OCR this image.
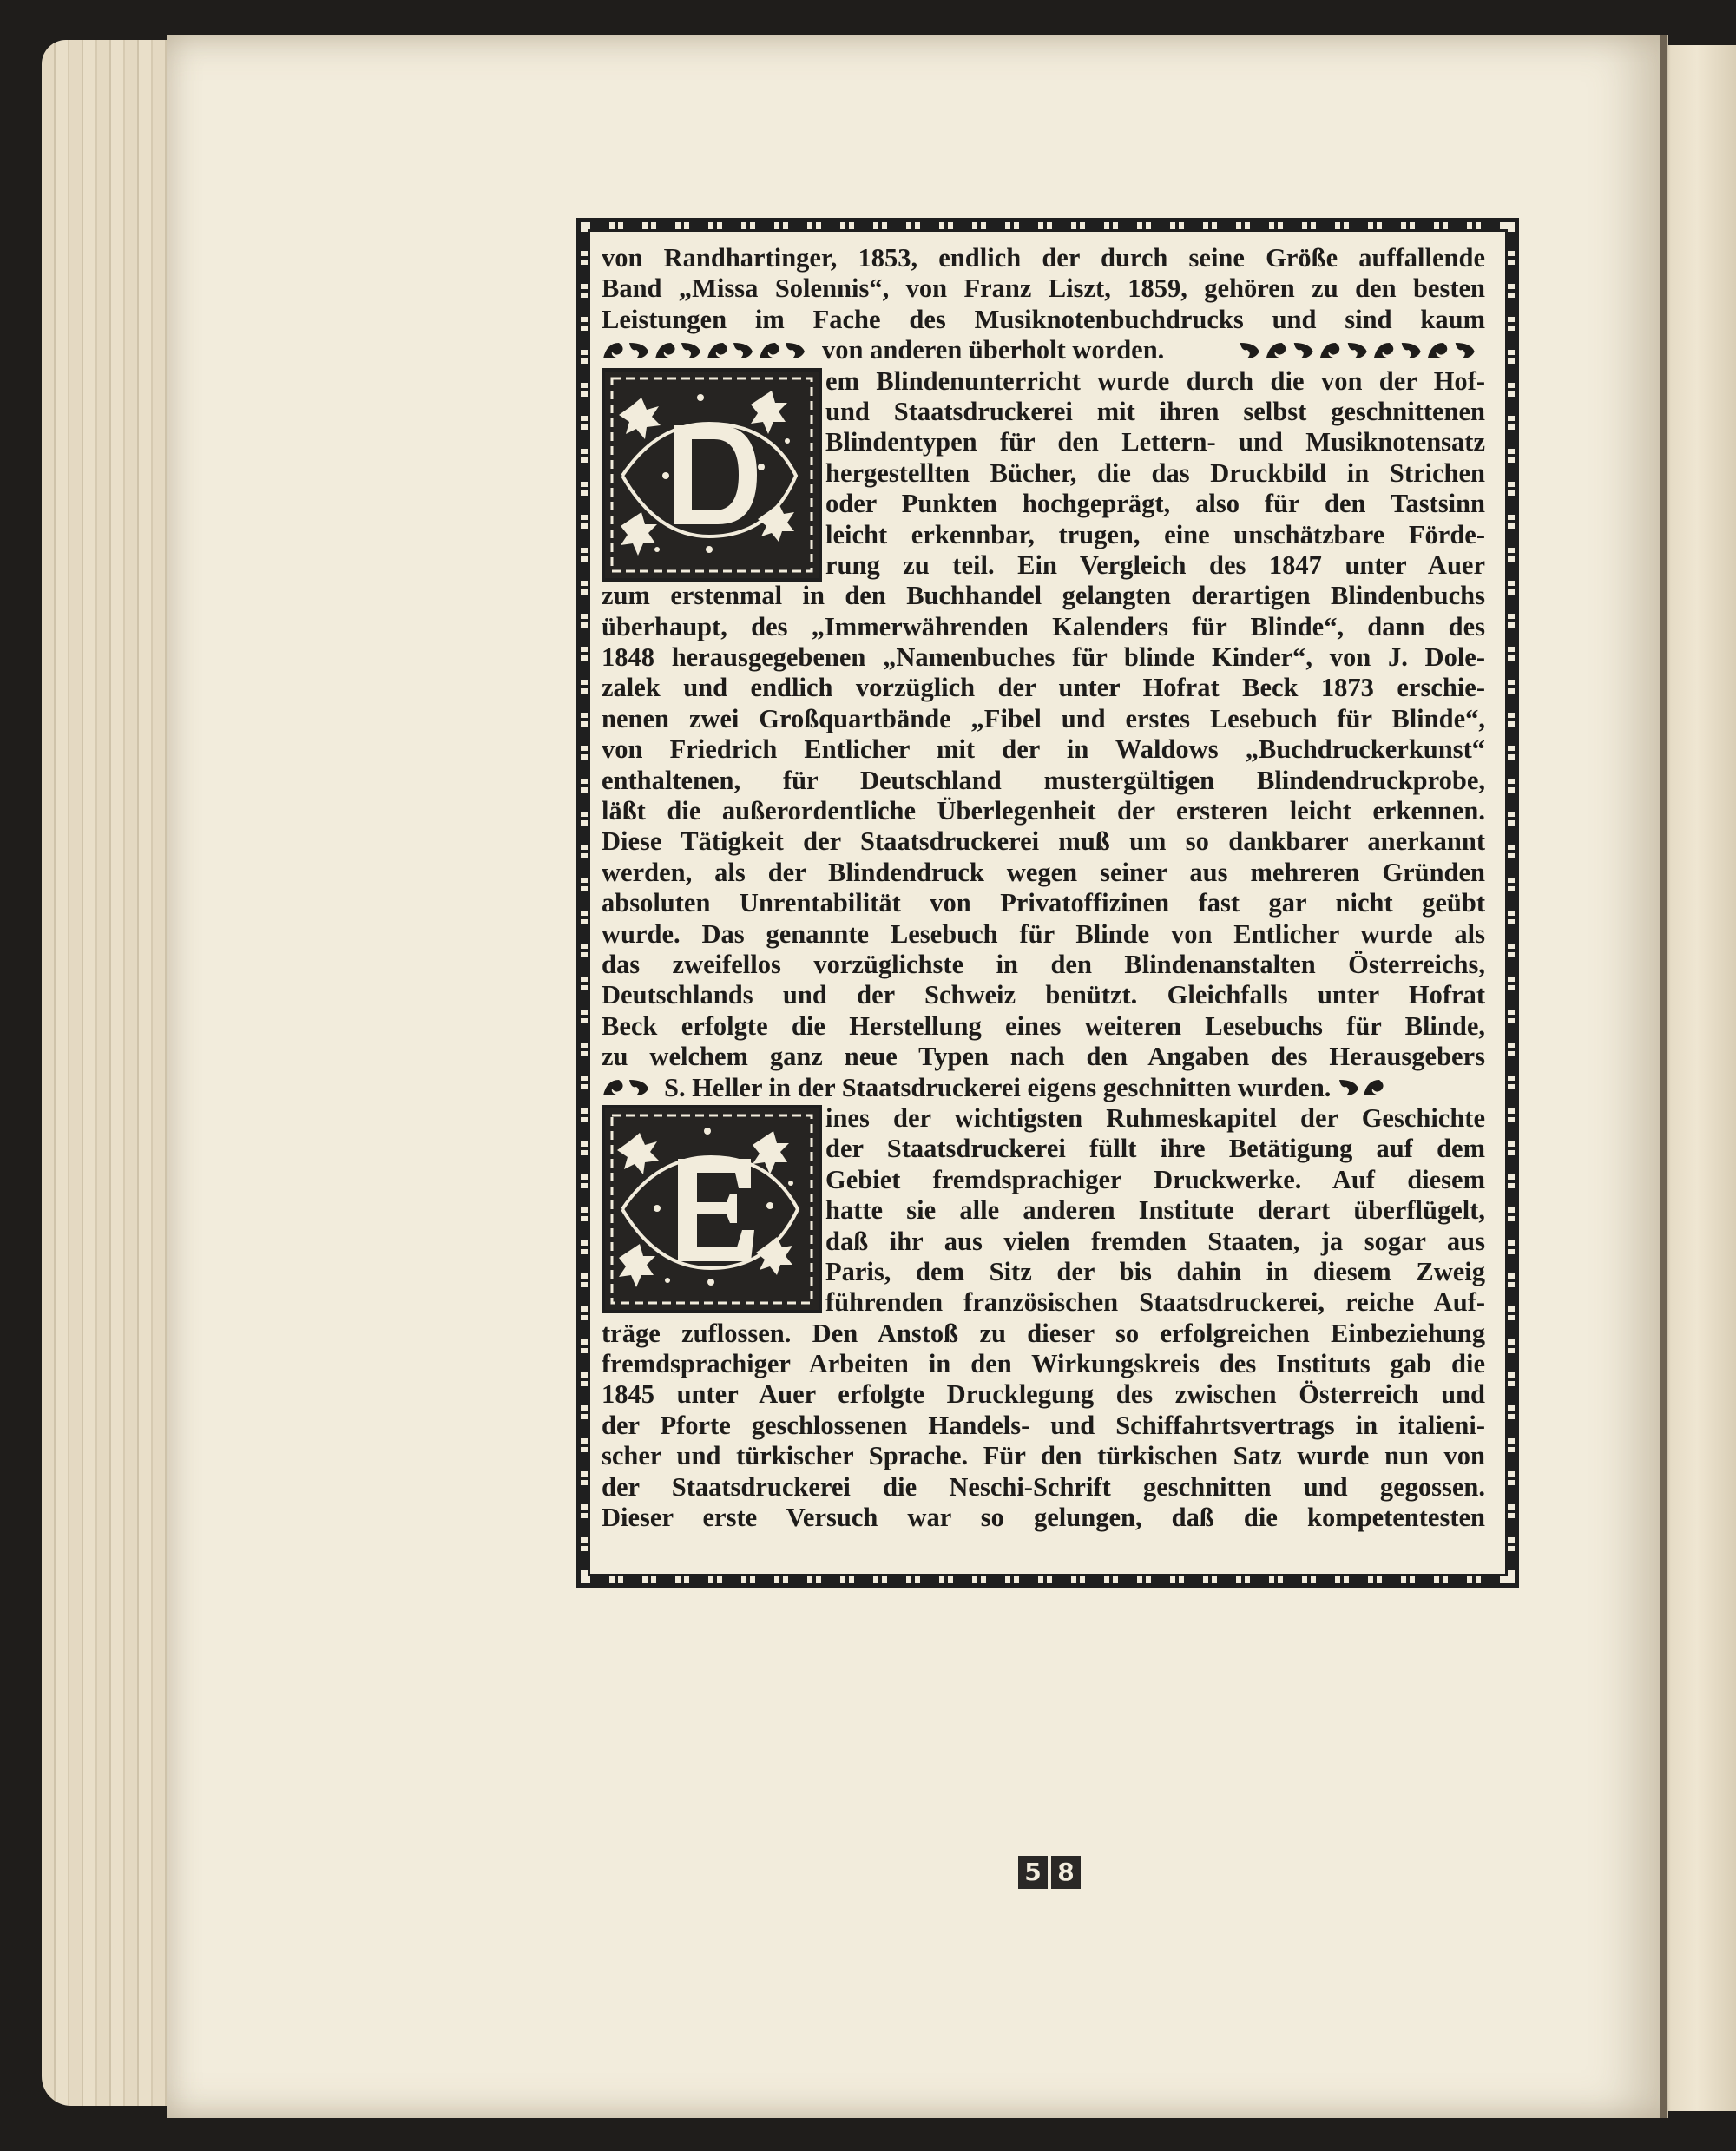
von Randhartinger, 1853, endlich der durch seine Größe auffallende
Band „Missa Solennis“, von Franz Liszt, 1859, gehören zu den besten
Leistungen im Fache des Musiknotenbuchdrucks und sind kaum
von anderen überholt worden.
em Blindenunterricht wurde durch die von der Hof-
und Staatsdruckerei mit ihren selbst geschnittenen
Blindentypen für den Lettern- und Musiknotensatz
hergestellten Bücher, die das Druckbild in Strichen
oder Punkten hochgeprägt, also für den Tastsinn
leicht erkennbar, trugen, eine unschätzbare Förde-
rung zu teil. Ein Vergleich des 1847 unter Auer
zum erstenmal in den Buchhandel gelangten derartigen Blindenbuchs
überhaupt, des „Immerwährenden Kalenders für Blinde“, dann des
1848 herausgegebenen „Namenbuches für blinde Kinder“, von J. Dole-
zalek und endlich vorzüglich der unter Hofrat Beck 1873 erschie-
nenen zwei Großquartbände „Fibel und erstes Lesebuch für Blinde“,
von Friedrich Entlicher mit der in Waldows „Buchdruckerkunst“
enthaltenen, für Deutschland mustergültigen Blindendruckprobe,
läßt die außerordentliche Überlegenheit der ersteren leicht erkennen.
Diese Tätigkeit der Staatsdruckerei muß um so dankbarer anerkannt
werden, als der Blindendruck wegen seiner aus mehreren Gründen
absoluten Unrentabilität von Privatoffizinen fast gar nicht geübt
wurde. Das genannte Lesebuch für Blinde von Entlicher wurde als
das zweifellos vorzüglichste in den Blindenanstalten Österreichs,
Deutschlands und der Schweiz benützt. Gleichfalls unter Hofrat
Beck erfolgte die Herstellung eines weiteren Lesebuchs für Blinde,
zu welchem ganz neue Typen nach den Angaben des Herausgebers
S. Heller in der Staatsdruckerei eigens geschnitten wurden.
ines der wichtigsten Ruhmeskapitel der Geschichte
der Staatsdruckerei füllt ihre Betätigung auf dem
Gebiet fremdsprachiger Druckwerke. Auf diesem
hatte sie alle anderen Institute derart überflügelt,
daß ihr aus vielen fremden Staaten, ja sogar aus
Paris, dem Sitz der bis dahin in diesem Zweig
führenden französischen Staatsdruckerei, reiche Auf-
träge zuflossen. Den Anstoß zu dieser so erfolgreichen Einbeziehung
fremdsprachiger Arbeiten in den Wirkungskreis des Instituts gab die
1845 unter Auer erfolgte Drucklegung des zwischen Österreich und
der Pforte geschlossenen Handels- und Schiffahrtsvertrags in italieni-
scher und türkischer Sprache. Für den türkischen Satz wurde nun von
der Staatsdruckerei die Neschi-Schrift geschnitten und gegossen.
Dieser erste Versuch war so gelungen, daß die kompetentesten
5 8
